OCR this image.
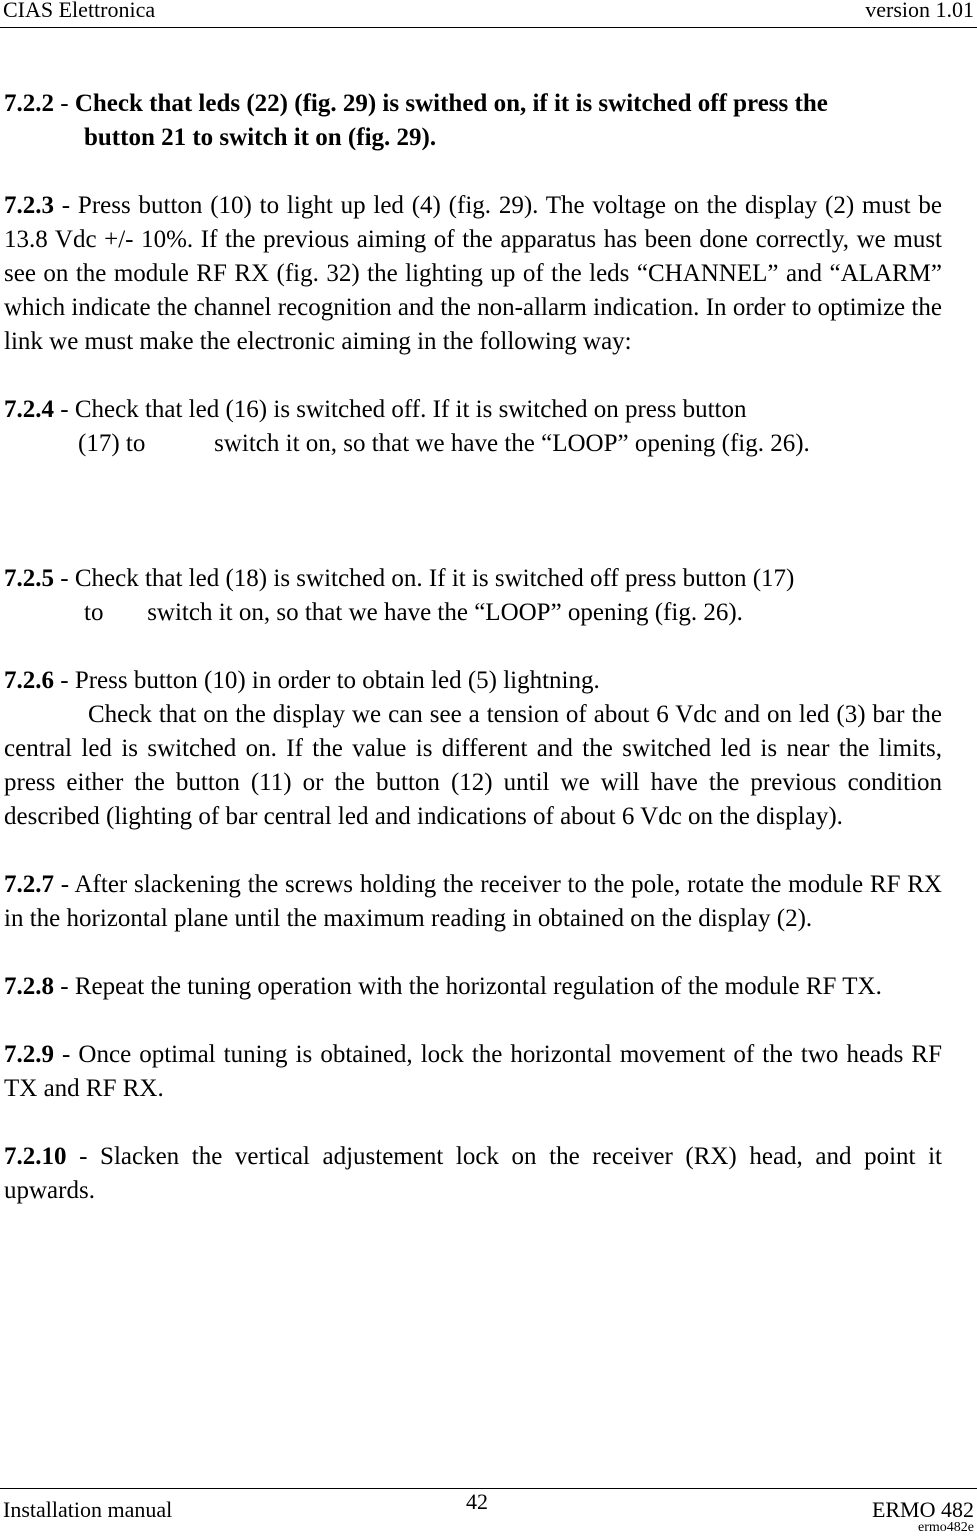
CIAS Elettronica	version 1.01
7.2.2 - Check that leds (22) (fig. 29) is swithed on, if it is switched off press the
button 21 to switch it on (fig. 29).
7.2.3 - Press button (10) to light up led (4) (fig. 29). The voltage on the display (2) must be 13.8 Vdc +/- 10%. If the previous aiming of the apparatus has been done correctly, we must see on the module RF RX (fig. 32) the lighting up of the leds “CHANNEL” and “ALARM” which indicate the channel recognition and the non-allarm indication. In order to optimize the link we must make the electronic aiming in the following way:
7.2.4 - Check that led (16) is switched off. If it is switched on press button
(17) to           switch it on, so that we have the “LOOP” opening (fig. 26).
7.2.5 - Check that led (18) is switched on. If it is switched off press button (17)
to       switch it on, so that we have the “LOOP” opening (fig. 26).
7.2.6 - Press button (10) in order to obtain led (5) lightning.
Check that on the display we can see a tension of about 6 Vdc and on led (3) bar the central led is switched on. If the value is different and the switched led is near the limits, press either the button (11) or the button (12) until we will have the previous condition described (lighting of bar central led and indications of about 6 Vdc on the display).
7.2.7 - After slackening the screws holding the receiver to the pole, rotate the module RF RX in the horizontal plane until the maximum reading in obtained on the display (2).
7.2.8 - Repeat the tuning operation with the horizontal regulation of the module RF TX.
7.2.9 - Once optimal tuning is obtained, lock the horizontal movement of the two heads RF TX and RF RX.
7.2.10 - Slacken the vertical adjustement lock on the receiver (RX) head, and point it upwards.
Installation manual	42	ERMO 482
ermo482e
